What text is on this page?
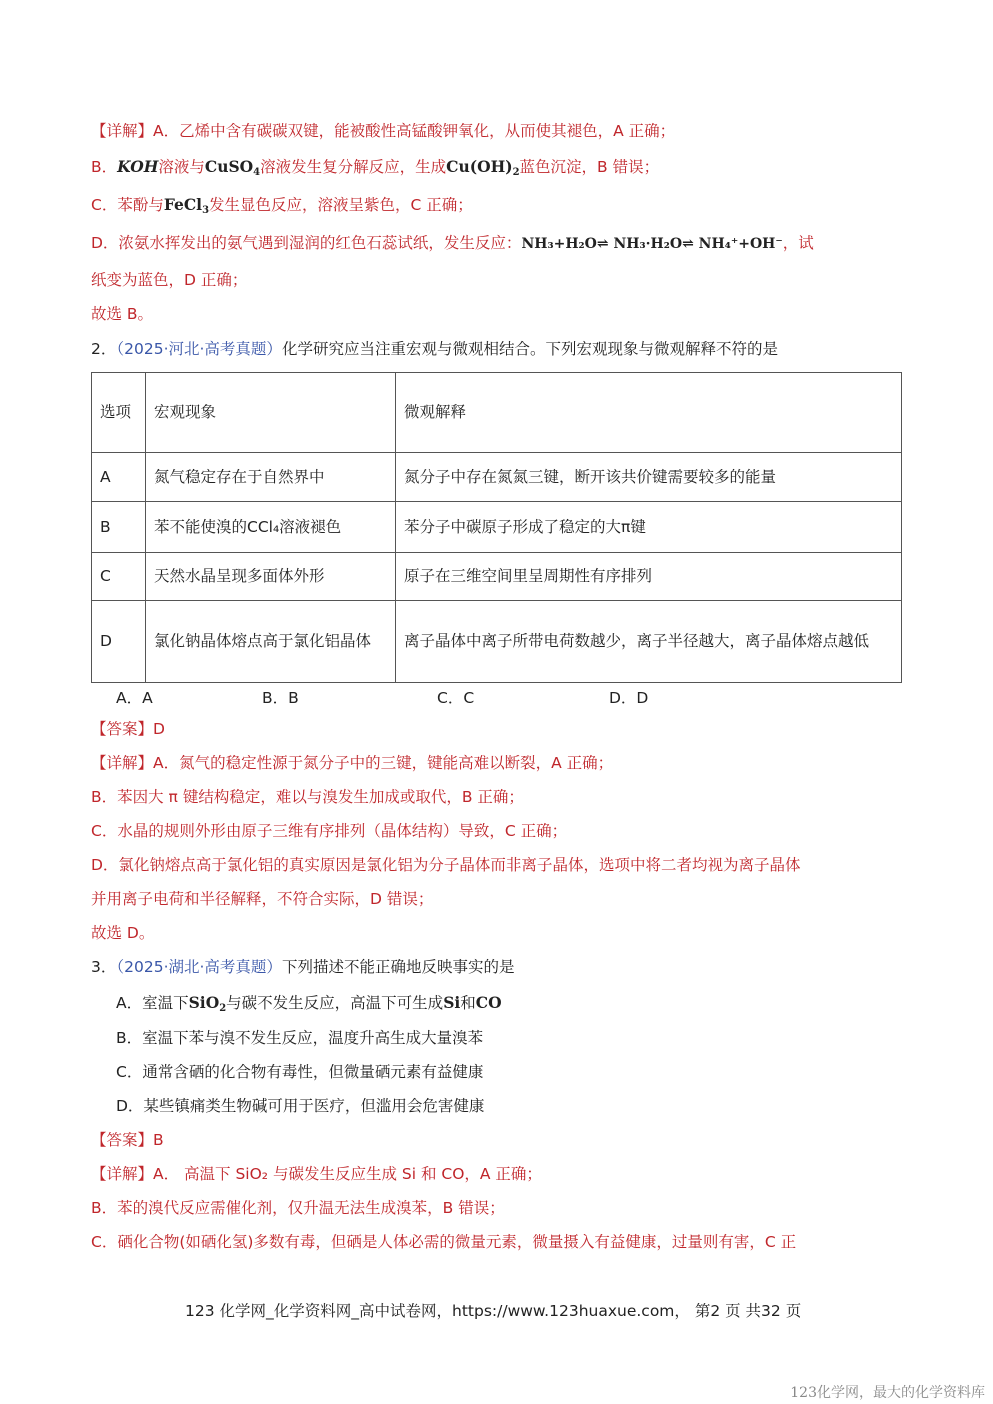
【详解】A．乙烯中含有碳碳双键，能被酸性高锰酸钾氧化，从而使其褪色，A 正确；
B．KOH溶液与CuSO$_4$溶液发生复分解反应，生成$Cu(OH)_2$蓝色沉淀，B 错误；
C．苯酚与FeCl$_3$发生显色反应，溶液呈紫色，C 正确；
D．浓氨水挥发出的氨气遇到湿润的红色石蕊试纸，发生反应：NH₃+H₂O⇌ NH₃·H₂O⇌ NH₄⁺+OH⁻，试
纸变为蓝色，D 正确；
故选 B。
2．（2025·河北·高考真题）化学研究应当注重宏观与微观相结合。下列宏观现象与微观解释不符的是
选项	宏观现象	微观解释
A	氮气稳定存在于自然界中	氮分子中存在氮氮三键，断开该共价键需要较多的能量
B	苯不能使溴的CCl₄溶液褪色	苯分子中碳原子形成了稳定的大π键
C	天然水晶呈现多面体外形	原子在三维空间里呈周期性有序排列
D	氯化钠晶体熔点高于氯化铝晶体	离子晶体中离子所带电荷数越少，离子半径越大，离子晶体熔点越低
A．A	B．B	C．C	D．D
【答案】D
【详解】A．氮气的稳定性源于氮分子中的三键，键能高难以断裂，A 正确；
B．苯因大 π 键结构稳定，难以与溴发生加成或取代，B 正确；
C．水晶的规则外形由原子三维有序排列（晶体结构）导致，C 正确；
D．氯化钠熔点高于氯化铝的真实原因是氯化铝为分子晶体而非离子晶体，选项中将二者均视为离子晶体
并用离子电荷和半径解释，不符合实际，D 错误；
故选 D。
3．（2025·湖北·高考真题）下列描述不能正确地反映事实的是
A．室温下SiO$_2$与碳不发生反应，高温下可生成Si和CO
B．室温下苯与溴不发生反应，温度升高生成大量溴苯
C．通常含硒的化合物有毒性，但微量硒元素有益健康
D．某些镇痛类生物碱可用于医疗，但滥用会危害健康
【答案】B
【详解】A． 高温下 SiO₂ 与碳发生反应生成 Si 和 CO，A 正确；
B．苯的溴代反应需催化剂，仅升温无法生成溴苯，B 错误；
C．硒化合物(如硒化氢)多数有毒，但硒是人体必需的微量元素，微量摄入有益健康，过量则有害，C 正
123 化学网_化学资料网_高中试卷网，https://www.123huaxue.com， 第2 页 共32 页
123化学网，最大的化学资料库
